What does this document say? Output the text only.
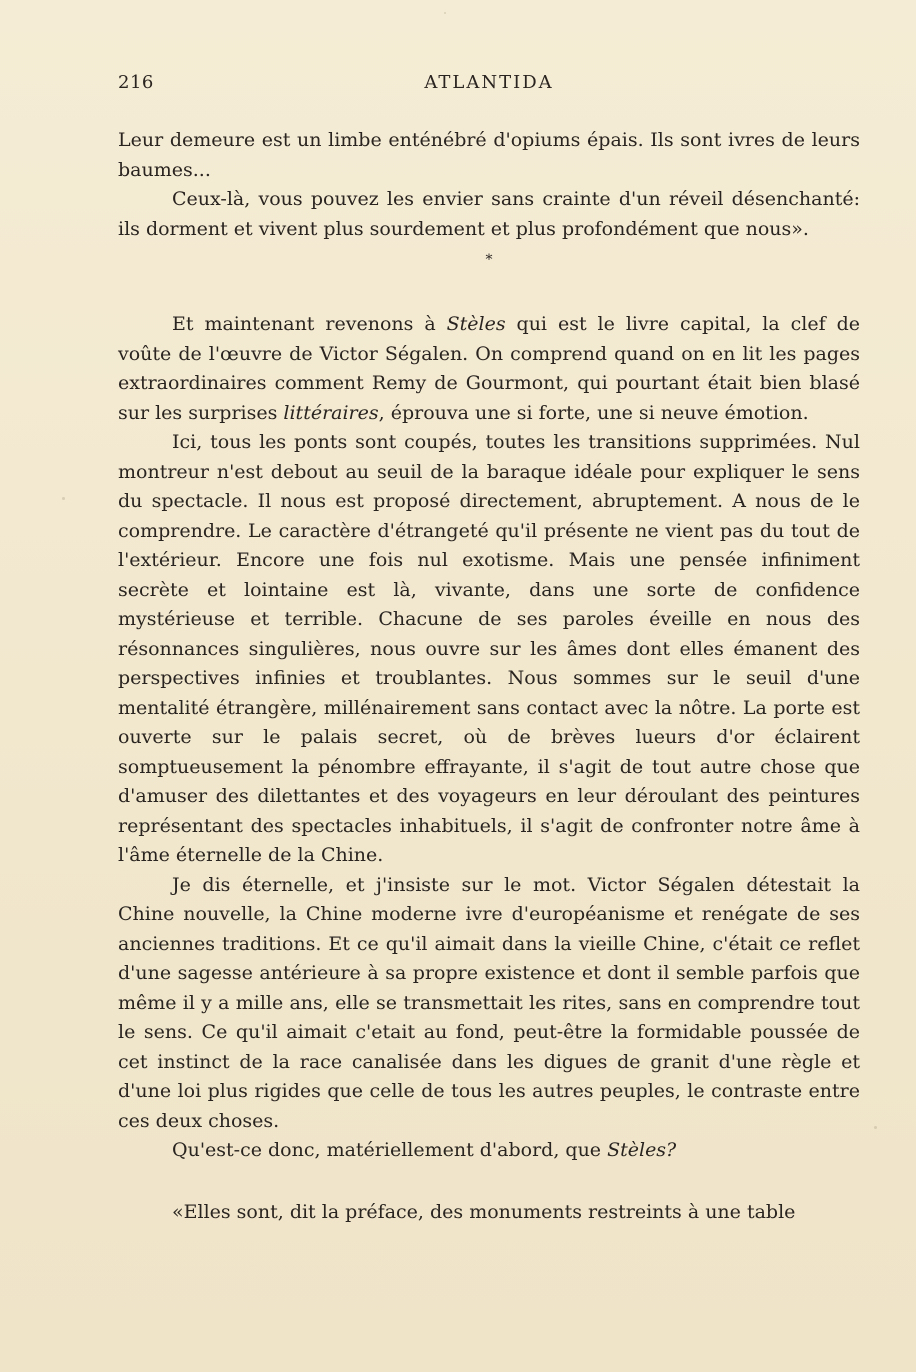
216	ATLANTIDA

Leur demeure est un limbe enténébré d'opiums épais. Ils sont ivres de leurs baumes...

Ceux-là, vous pouvez les envier sans crainte d'un réveil désenchanté: ils dorment et vivent plus sourdement et plus profondément que nous».

*

Et maintenant revenons à Stèles qui est le livre capital, la clef de voûte de l'œuvre de Victor Ségalen. On comprend quand on en lit les pages extraordinaires comment Remy de Gourmont, qui pourtant était bien blasé sur les surprises littéraires, éprouva une si forte, une si neuve émotion.

Ici, tous les ponts sont coupés, toutes les transitions supprimées. Nul montreur n'est debout au seuil de la baraque idéale pour expliquer le sens du spectacle. Il nous est proposé directement, abruptement. A nous de le comprendre. Le caractère d'étrangeté qu'il présente ne vient pas du tout de l'extérieur. Encore une fois nul exotisme. Mais une pensée infiniment secrète et lointaine est là, vivante, dans une sorte de confidence mystérieuse et terrible. Chacune de ses paroles éveille en nous des résonnances singulières, nous ouvre sur les âmes dont elles émanent des perspectives infinies et troublantes. Nous sommes sur le seuil d'une mentalité étrangère, millénairement sans contact avec la nôtre. La porte est ouverte sur le palais secret, où de brèves lueurs d'or éclairent somptueusement la pénombre effrayante, il s'agit de tout autre chose que d'amuser des dilettantes et des voyageurs en leur déroulant des peintures représentant des spectacles inhabituels, il s'agit de confronter notre âme à l'âme éternelle de la Chine.

Je dis éternelle, et j'insiste sur le mot. Victor Ségalen détestait la Chine nouvelle, la Chine moderne ivre d'européanisme et renégate de ses anciennes traditions. Et ce qu'il aimait dans la vieille Chine, c'était ce reflet d'une sagesse antérieure à sa propre existence et dont il semble parfois que même il y a mille ans, elle se transmettait les rites, sans en comprendre tout le sens. Ce qu'il aimait c'etait au fond, peut-être la formidable poussée de cet instinct de la race canalisée dans les digues de granit d'une règle et d'une loi plus rigides que celle de tous les autres peuples, le contraste entre ces deux choses.

Qu'est-ce donc, matériellement d'abord, que Stèles?

«Elles sont, dit la préface, des monuments restreints à une table
